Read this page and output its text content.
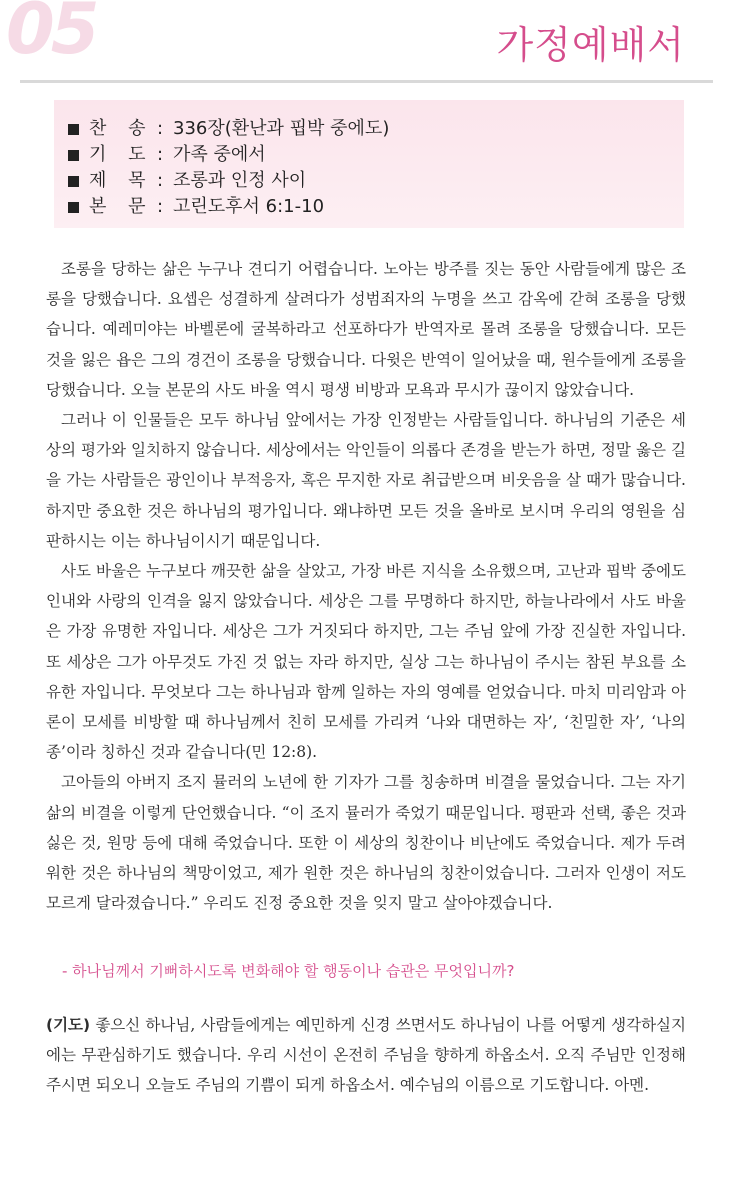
05	가정예배서
찬 송 : 336장(환난과 핍박 중에도)
기 도 : 가족 중에서
제 목 : 조롱과 인정 사이
본 문 : 고린도후서 6:1-10

조롱을 당하는 삶은 누구나 견디기 어렵습니다. 노아는 방주를 짓는 동안 사람들에게 많은 조롱을 당했습니다. 요셉은 성결하게 살려다가 성범죄자의 누명을 쓰고 감옥에 갇혀 조롱을 당했습니다. 예레미야는 바벨론에 굴복하라고 선포하다가 반역자로 몰려 조롱을 당했습니다. 모든 것을 잃은 욥은 그의 경건이 조롱을 당했습니다. 다윗은 반역이 일어났을 때, 원수들에게 조롱을 당했습니다. 오늘 본문의 사도 바울 역시 평생 비방과 모욕과 무시가 끊이지 않았습니다.

그러나 이 인물들은 모두 하나님 앞에서는 가장 인정받는 사람들입니다. 하나님의 기준은 세상의 평가와 일치하지 않습니다. 세상에서는 악인들이 의롭다 존경을 받는가 하면, 정말 옳은 길을 가는 사람들은 광인이나 부적응자, 혹은 무지한 자로 취급받으며 비웃음을 살 때가 많습니다. 하지만 중요한 것은 하나님의 평가입니다. 왜냐하면 모든 것을 올바로 보시며 우리의 영원을 심판하시는 이는 하나님이시기 때문입니다.

사도 바울은 누구보다 깨끗한 삶을 살았고, 가장 바른 지식을 소유했으며, 고난과 핍박 중에도 인내와 사랑의 인격을 잃지 않았습니다. 세상은 그를 무명하다 하지만, 하늘나라에서 사도 바울은 가장 유명한 자입니다. 세상은 그가 거짓되다 하지만, 그는 주님 앞에 가장 진실한 자입니다. 또 세상은 그가 아무것도 가진 것 없는 자라 하지만, 실상 그는 하나님이 주시는 참된 부요를 소유한 자입니다. 무엇보다 그는 하나님과 함께 일하는 자의 영예를 얻었습니다. 마치 미리암과 아론이 모세를 비방할 때 하나님께서 친히 모세를 가리켜 ‘나와 대면하는 자’, ‘친밀한 자’, ‘나의 종’이라 칭하신 것과 같습니다(민 12:8).

고아들의 아버지 조지 뮬러의 노년에 한 기자가 그를 칭송하며 비결을 물었습니다. 그는 자기 삶의 비결을 이렇게 단언했습니다. “이 조지 뮬러가 죽었기 때문입니다. 평판과 선택, 좋은 것과 싫은 것, 원망 등에 대해 죽었습니다. 또한 이 세상의 칭찬이나 비난에도 죽었습니다. 제가 두려워한 것은 하나님의 책망이었고, 제가 원한 것은 하나님의 칭찬이었습니다. 그러자 인생이 저도 모르게 달라졌습니다.” 우리도 진정 중요한 것을 잊지 말고 살아야겠습니다.

- 하나님께서 기뻐하시도록 변화해야 할 행동이나 습관은 무엇입니까?

(기도) 좋으신 하나님, 사람들에게는 예민하게 신경 쓰면서도 하나님이 나를 어떻게 생각하실지에는 무관심하기도 했습니다. 우리 시선이 온전히 주님을 향하게 하옵소서. 오직 주님만 인정해 주시면 되오니 오늘도 주님의 기쁨이 되게 하옵소서. 예수님의 이름으로 기도합니다. 아멘.
